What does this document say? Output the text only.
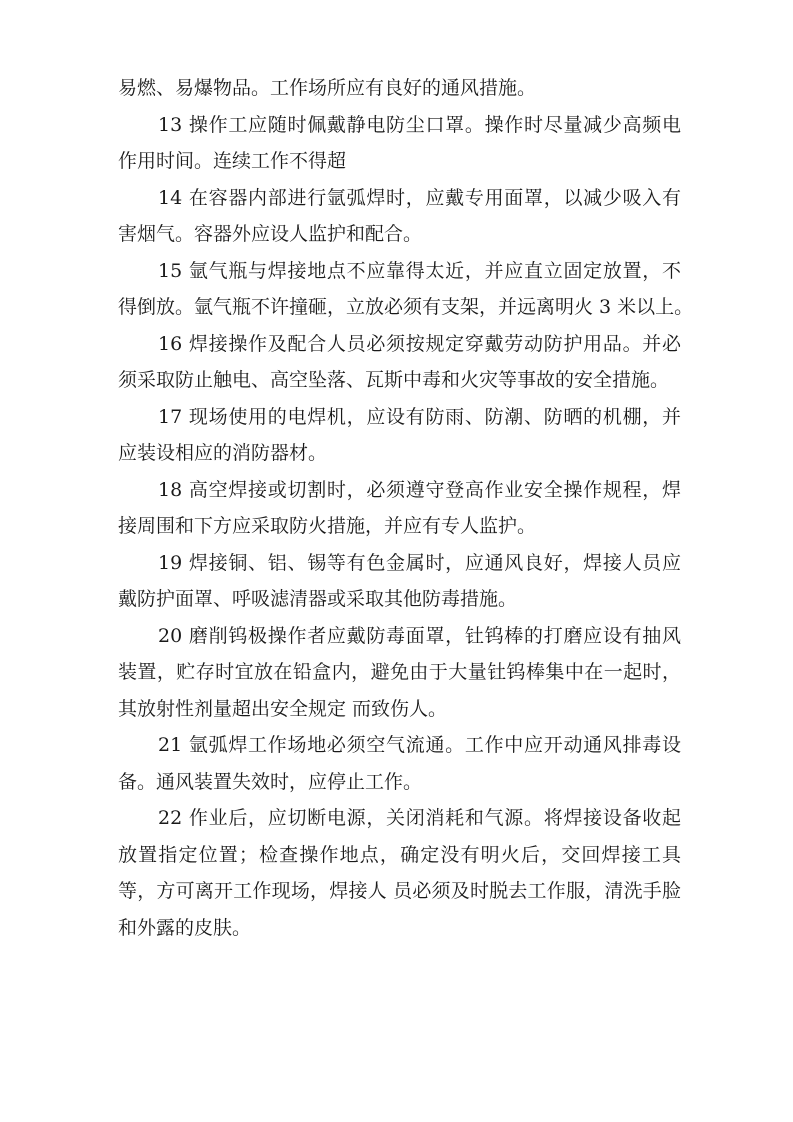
易燃、易爆物品。工作场所应有良好的通风措施。
13 操作工应随时佩戴静电防尘口罩。操作时尽量减少高频电
作用时间。连续工作不得超
14 在容器内部进行氩弧焊时，应戴专用面罩，以减少吸入有
害烟气。容器外应设人监护和配合。
15 氩气瓶与焊接地点不应靠得太近，并应直立固定放置，不
得倒放。氩气瓶不许撞砸，立放必须有支架，并远离明火 3 米以上。
16 焊接操作及配合人员必须按规定穿戴劳动防护用品。并必
须采取防止触电、高空坠落、瓦斯中毒和火灾等事故的安全措施。
17 现场使用的电焊机，应设有防雨、防潮、防晒的机棚，并
应装设相应的消防器材。
18 高空焊接或切割时，必须遵守登高作业安全操作规程，焊
接周围和下方应采取防火措施，并应有专人监护。
19 焊接铜、铝、锡等有色金属时，应通风良好，焊接人员应
戴防护面罩、呼吸滤清器或采取其他防毒措施。
20 磨削钨极操作者应戴防毒面罩，钍钨棒的打磨应设有抽风
装置，贮存时宜放在铅盒内，避免由于大量钍钨棒集中在一起时，
其放射性剂量超出安全规定 而致伤人。
21 氩弧焊工作场地必须空气流通。工作中应开动通风排毒设
备。通风装置失效时，应停止工作。
22 作业后，应切断电源，关闭消耗和气源。将焊接设备收起
放置指定位置；检查操作地点，确定没有明火后，交回焊接工具
等，方可离开工作现场，焊接人 员必须及时脱去工作服，清洗手脸
和外露的皮肤。
